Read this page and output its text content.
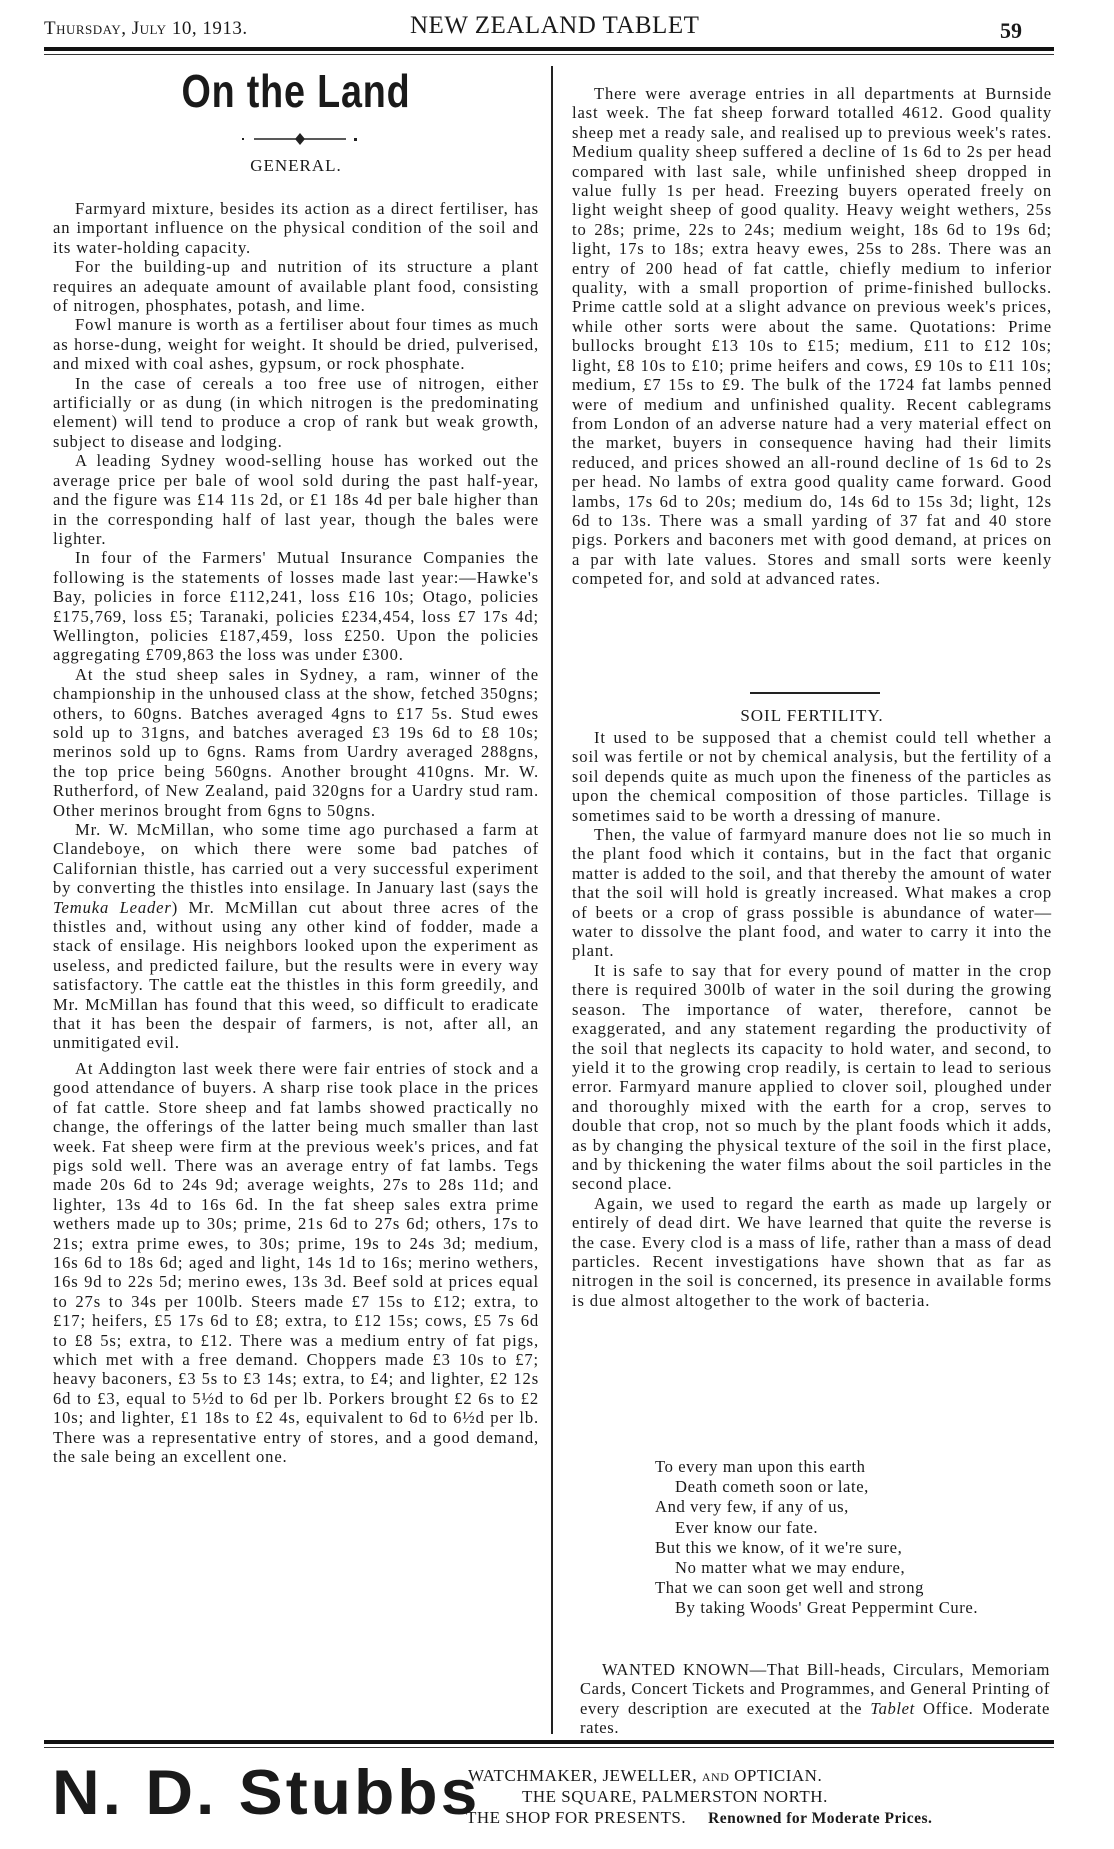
Thursday, July 10, 1913.	NEW ZEALAND TABLET	59
On the Land
GENERAL.

Farmyard mixture, besides its action as a direct fertiliser, has an important influence on the physical condition of the soil and its water-holding capacity.

For the building-up and nutrition of its structure a plant requires an adequate amount of available plant food, consisting of nitrogen, phosphates, potash, and lime.

Fowl manure is worth as a fertiliser about four times as much as horse-dung, weight for weight. It should be dried, pulverised, and mixed with coal ashes, gypsum, or rock phosphate.

In the case of cereals a too free use of nitrogen, either artificially or as dung (in which nitrogen is the predominating element) will tend to produce a crop of rank but weak growth, subject to disease and lodging.

A leading Sydney wood-selling house has worked out the average price per bale of wool sold during the past half-year, and the figure was £14 11s 2d, or £1 18s 4d per bale higher than in the corresponding half of last year, though the bales were lighter.

In four of the Farmers' Mutual Insurance Companies the following is the statements of losses made last year:—Hawke's Bay, policies in force £112,241, loss £16 10s; Otago, policies £175,769, loss £5; Taranaki, policies £234,454, loss £7 17s 4d; Wellington, policies £187,459, loss £250. Upon the policies aggregating £709,863 the loss was under £300.

At the stud sheep sales in Sydney, a ram, winner of the championship in the unhoused class at the show, fetched 350gns; others, to 60gns. Batches averaged 4gns to £17 5s. Stud ewes sold up to 31gns, and batches averaged £3 19s 6d to £8 10s; merinos sold up to 6gns. Rams from Uardry averaged 288gns, the top price being 560gns. Another brought 410gns. Mr. W. Rutherford, of New Zealand, paid 320gns for a Uardry stud ram. Other merinos brought from 6gns to 50gns.

Mr. W. McMillan, who some time ago purchased a farm at Clandeboye, on which there were some bad patches of Californian thistle, has carried out a very successful experiment by converting the thistles into ensilage. In January last (says the Temuka Leader) Mr. McMillan cut about three acres of the thistles and, without using any other kind of fodder, made a stack of ensilage. His neighbors looked upon the experiment as useless, and predicted failure, but the results were in every way satisfactory. The cattle eat the thistles in this form greedily, and Mr. McMillan has found that this weed, so difficult to eradicate that it has been the despair of farmers, is not, after all, an unmitigated evil.

At Addington last week there were fair entries of stock and a good attendance of buyers. A sharp rise took place in the prices of fat cattle. Store sheep and fat lambs showed practically no change, the offerings of the latter being much smaller than last week. Fat sheep were firm at the previous week's prices, and fat pigs sold well. There was an average entry of fat lambs. Tegs made 20s 6d to 24s 9d; average weights, 27s to 28s 11d; and lighter, 13s 4d to 16s 6d. In the fat sheep sales extra prime wethers made up to 30s; prime, 21s 6d to 27s 6d; others, 17s to 21s; extra prime ewes, to 30s; prime, 19s to 24s 3d; medium, 16s 6d to 18s 6d; aged and light, 14s 1d to 16s; merino wethers, 16s 9d to 22s 5d; merino ewes, 13s 3d. Beef sold at prices equal to 27s to 34s per 100lb. Steers made £7 15s to £12; extra, to £17; heifers, £5 17s 6d to £8; extra, to £12 15s; cows, £5 7s 6d to £8 5s; extra, to £12. There was a medium entry of fat pigs, which met with a free demand. Choppers made £3 10s to £7; heavy baconers, £3 5s to £3 14s; extra, to £4; and lighter, £2 12s 6d to £3, equal to 5½d to 6d per lb. Porkers brought £2 6s to £2 10s; and lighter, £1 18s to £2 4s, equivalent to 6d to 6½d per lb. There was a representative entry of stores, and a good demand, the sale being an excellent one.

There were average entries in all departments at Burnside last week. The fat sheep forward totalled 4612. Good quality sheep met a ready sale, and realised up to previous week's rates. Medium quality sheep suffered a decline of 1s 6d to 2s per head compared with last sale, while unfinished sheep dropped in value fully 1s per head. Freezing buyers operated freely on light weight sheep of good quality. Heavy weight wethers, 25s to 28s; prime, 22s to 24s; medium weight, 18s 6d to 19s 6d; light, 17s to 18s; extra heavy ewes, 25s to 28s. There was an entry of 200 head of fat cattle, chiefly medium to inferior quality, with a small proportion of prime-finished bullocks. Prime cattle sold at a slight advance on previous week's prices, while other sorts were about the same. Quotations: Prime bullocks brought £13 10s to £15; medium, £11 to £12 10s; light, £8 10s to £10; prime heifers and cows, £9 10s to £11 10s; medium, £7 15s to £9. The bulk of the 1724 fat lambs penned were of medium and unfinished quality. Recent cablegrams from London of an adverse nature had a very material effect on the market, buyers in consequence having had their limits reduced, and prices showed an all-round decline of 1s 6d to 2s per head. No lambs of extra good quality came forward. Good lambs, 17s 6d to 20s; medium do, 14s 6d to 15s 3d; light, 12s 6d to 13s. There was a small yarding of 37 fat and 40 store pigs. Porkers and baconers met with good demand, at prices on a par with late values. Stores and small sorts were keenly competed for, and sold at advanced rates.

SOIL FERTILITY.

It used to be supposed that a chemist could tell whether a soil was fertile or not by chemical analysis, but the fertility of a soil depends quite as much upon the fineness of the particles as upon the chemical composition of those particles. Tillage is sometimes said to be worth a dressing of manure.

Then, the value of farmyard manure does not lie so much in the plant food which it contains, but in the fact that organic matter is added to the soil, and that thereby the amount of water that the soil will hold is greatly increased. What makes a crop of beets or a crop of grass possible is abundance of water—water to dissolve the plant food, and water to carry it into the plant.

It is safe to say that for every pound of matter in the crop there is required 300lb of water in the soil during the growing season. The importance of water, therefore, cannot be exaggerated, and any statement regarding the productivity of the soil that neglects its capacity to hold water, and second, to yield it to the growing crop readily, is certain to lead to serious error. Farmyard manure applied to clover soil, ploughed under and thoroughly mixed with the earth for a crop, serves to double that crop, not so much by the plant foods which it adds, as by changing the physical texture of the soil in the first place, and by thickening the water films about the soil particles in the second place.

Again, we used to regard the earth as made up largely or entirely of dead dirt. We have learned that quite the reverse is the case. Every clod is a mass of life, rather than a mass of dead particles. Recent investigations have shown that as far as nitrogen in the soil is concerned, its presence in available forms is due almost altogether to the work of bacteria.

To every man upon this earth
Death cometh soon or late,
And very few, if any of us,
Ever know our fate.
But this we know, of it we're sure,
No matter what we may endure,
That we can soon get well and strong
By taking Woods' Great Peppermint Cure.

WANTED KNOWN—That Bill-heads, Circulars, Memoriam Cards, Concert Tickets and Programmes, and General Printing of every description are executed at the Tablet Office. Moderate rates.

N. D. Stubbs
WATCHMAKER, JEWELLER, and OPTICIAN.
THE SQUARE, PALMERSTON NORTH.
THE SHOP FOR PRESENTS. Renowned for Moderate Prices.
